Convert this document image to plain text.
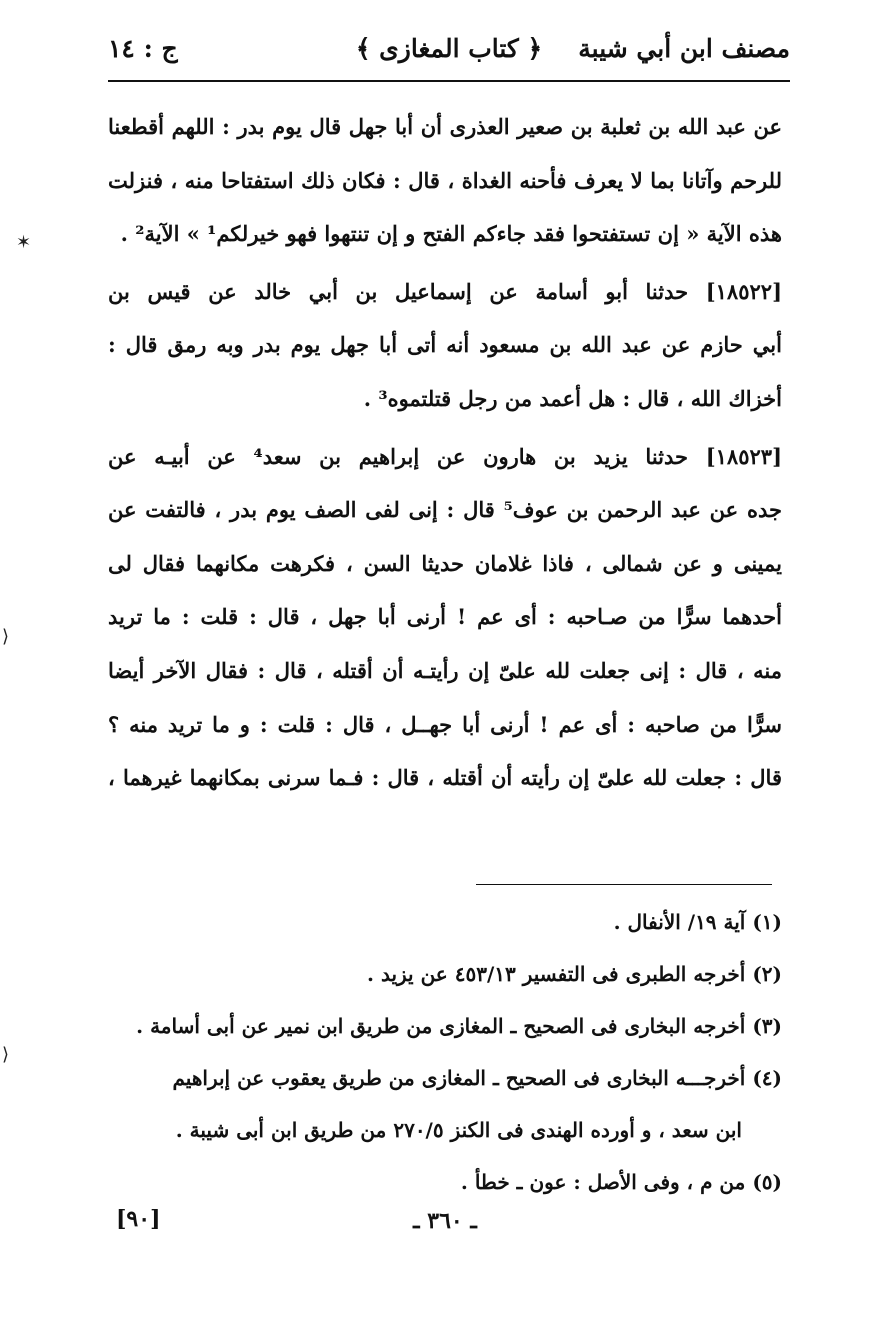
مصنف ابن أبي شيبة
﴿ كتاب المغازى ﴾
ج : ١٤
عن عبد الله بن ثعلبة بن صعير العذرى أن أبا جهل قال يوم بدر : اللهم أقطعنا
للرحم وآتانا بما لا يعرف فأحنه الغداة ، قال : فكان ذلك استفتاحا منه ، فنزلت
هذه الآية « إن تستفتحوا فقد جاءكم الفتح و إن تنتهوا فهو خيرلكم¹ » الآية² .
[١٨٥٢٢] حدثنا أبو أسامة عن إسماعيل بن أبي خالد عن قيس بن
أبي حازم عن عبد الله بن مسعود أنه أتى أبا جهل يوم بدر وبه رمق قال :
أخزاك الله ، قال : هل أعمد من رجل قتلتموه³ .
[١٨٥٢٣] حدثنا يزيد بن هارون عن إبراهيم بن سعد⁴ عن أبيـه عن
جده عن عبد الرحمن بن عوف⁵ قال : إنى لفى الصف يوم بدر ، فالتفت عن
يمينى و عن شمالى ، فاذا غلامان حديثا السن ، فكرهت مكانهما فقال لى
أحدهما سرًّا من صـاحبه : أى عم ! أرنى أبا جهل ، قال : قلت : ما تريد
منه ، قال : إنى جعلت لله علىّ إن رأيتـه أن أقتله ، قال : فقال الآخر أيضا
سرًّا من صاحبه : أى عم ! أرنى أبا جهــل ، قال : قلت : و ما تريد منه ؟
قال : جعلت لله علىّ إن رأيته أن أقتله ، قال : فـما سرنى بمكانهما غيرهما ،
(١) آية ١٩/ الأنفال .
(٢) أخرجه الطبرى فى التفسير ٤٥٣/١٣ عن يزيد .
(٣) أخرجه البخارى فى الصحيح ـ المغازى من طريق ابن نمير عن أبى أسامة .
(٤) أخرجـــه البخارى فى الصحيح ـ المغازى من طريق يعقوب عن إبراهيم
ابن سعد ، و أورده الهندى فى الكنز ٢٧٠/٥ من طريق ابن أبى شيبة .
(٥) من م ، وفى الأصل : عون ـ خطأ .
[٩٠]	ـ ٣٦٠ ـ
✶
⟩
⟩
